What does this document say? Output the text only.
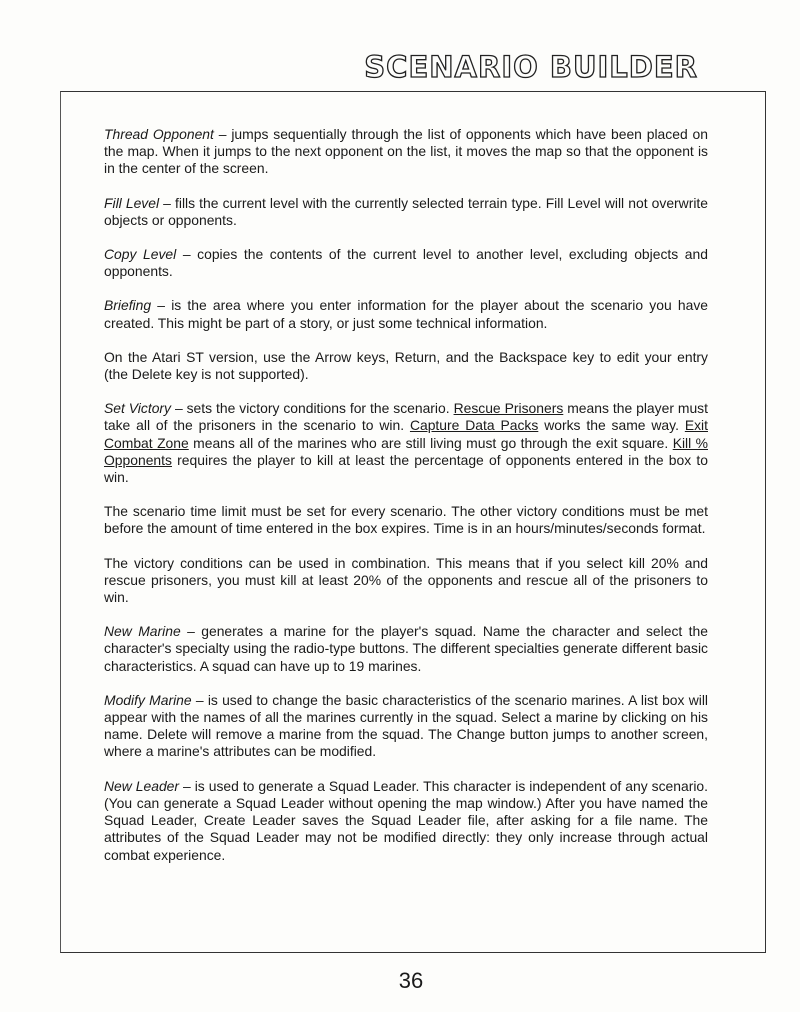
SCENARIO BUILDER

Thread Opponent – jumps sequentially through the list of opponents which have been placed on the map. When it jumps to the next opponent on the list, it moves the map so that the opponent is in the center of the screen.

Fill Level – fills the current level with the currently selected terrain type. Fill Level will not overwrite objects or opponents.

Copy Level – copies the contents of the current level to another level, excluding objects and opponents.

Briefing – is the area where you enter information for the player about the scenario you have created. This might be part of a story, or just some technical information.

On the Atari ST version, use the Arrow keys, Return, and the Backspace key to edit your entry (the Delete key is not supported).

Set Victory – sets the victory conditions for the scenario. Rescue Prisoners means the player must take all of the prisoners in the scenario to win. Capture Data Packs works the same way. Exit Combat Zone means all of the marines who are still living must go through the exit square. Kill % Opponents requires the player to kill at least the percentage of opponents entered in the box to win.

The scenario time limit must be set for every scenario. The other victory conditions must be met before the amount of time entered in the box expires. Time is in an hours/minutes/seconds format.

The victory conditions can be used in combination. This means that if you select kill 20% and rescue prisoners, you must kill at least 20% of the opponents and rescue all of the prisoners to win.

New Marine – generates a marine for the player's squad. Name the character and select the character's specialty using the radio-type buttons. The different specialties generate different basic characteristics. A squad can have up to 19 marines.

Modify Marine – is used to change the basic characteristics of the scenario marines. A list box will appear with the names of all the marines currently in the squad. Select a marine by clicking on his name. Delete will remove a marine from the squad. The Change button jumps to another screen, where a marine's attributes can be modified.

New Leader – is used to generate a Squad Leader. This character is independent of any scenario. (You can generate a Squad Leader without opening the map window.) After you have named the Squad Leader, Create Leader saves the Squad Leader file, after asking for a file name. The attributes of the Squad Leader may not be modified directly: they only increase through actual combat experience.

36
